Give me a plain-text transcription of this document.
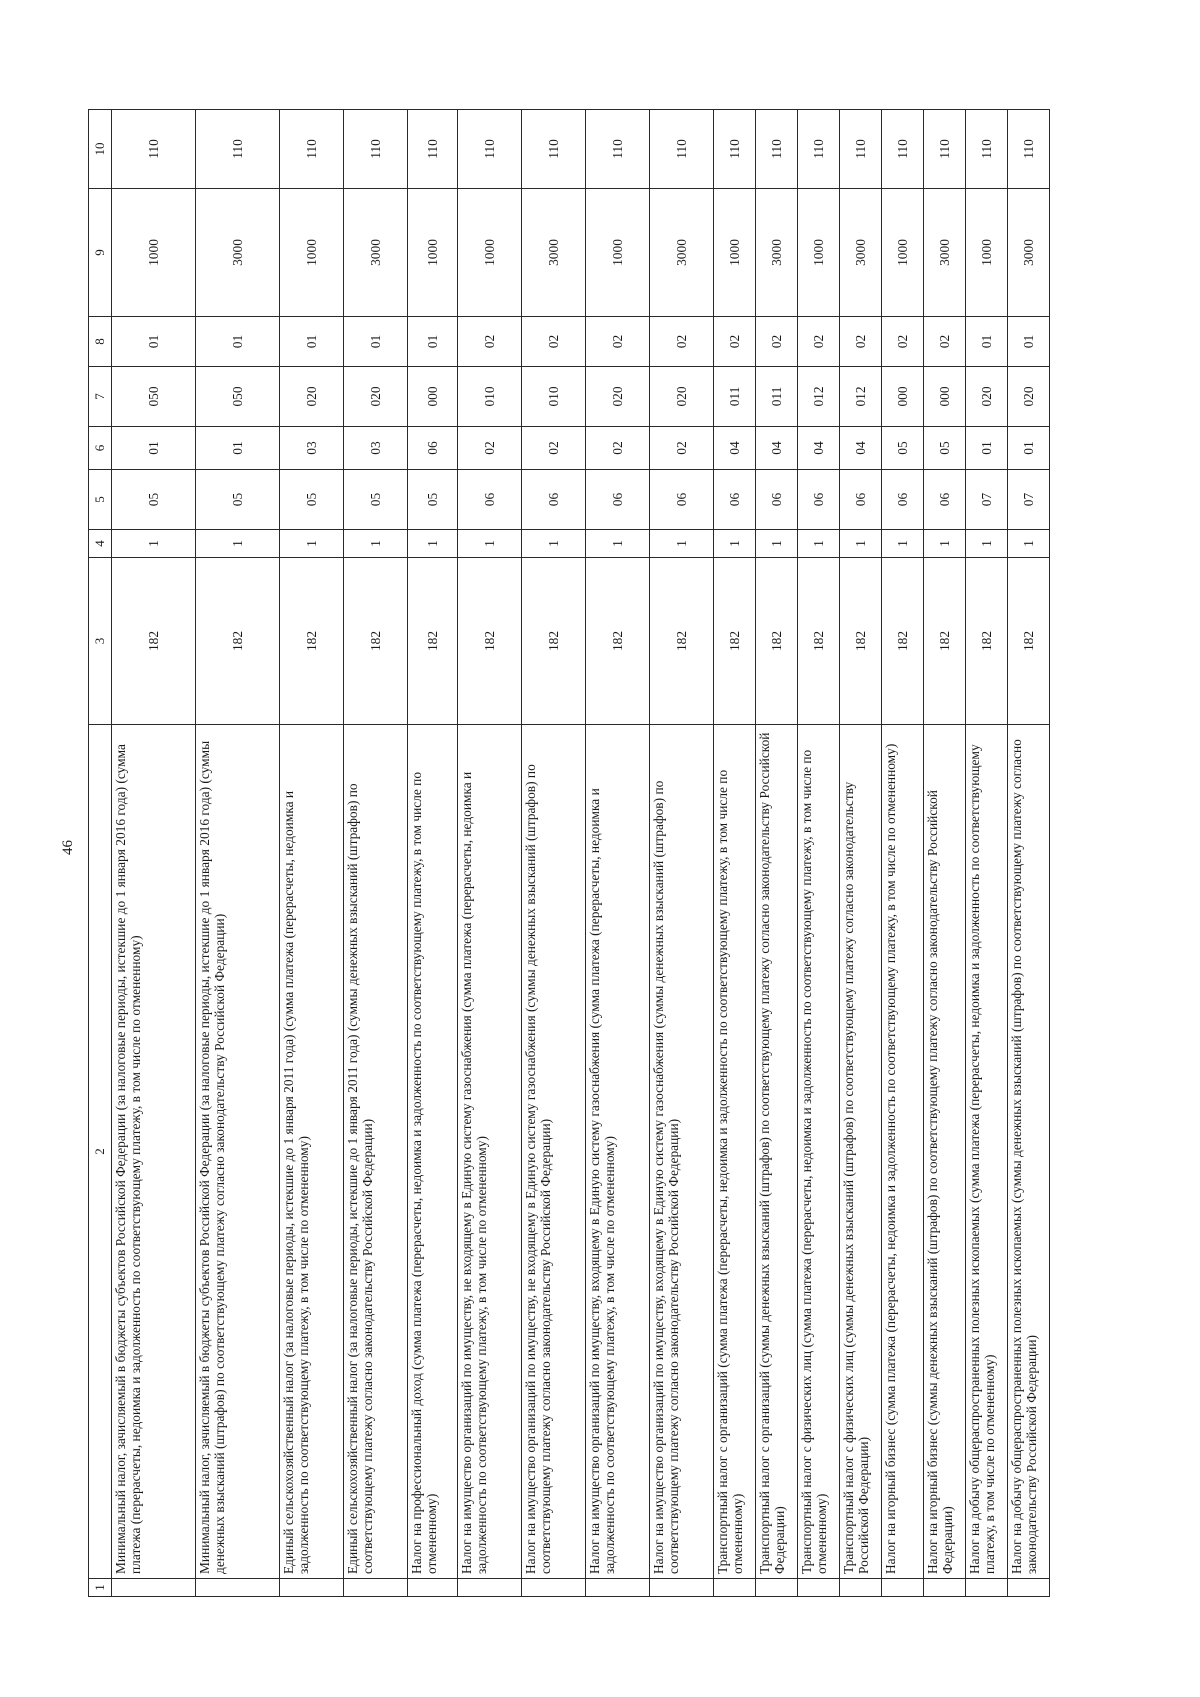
46
1	2	3	4	5	6	7	8	9	10
	Минимальный налог, зачисляемый в бюджеты субъектов Российской Федерации (за налоговые периоды, истекшие до 1 января 2016 года) (сумма платежа (перерасчеты, недоимка и задолженность по соответствующему платежу, в том числе по отмененному)	182	1	05	01	050	01	1000	110
	Минимальный налог, зачисляемый в бюджеты субъектов Российской Федерации (за налоговые периоды, истекшие до 1 января 2016 года) (суммы денежных взысканий (штрафов) по соответствующему платежу согласно законодательству Российской Федерации)	182	1	05	01	050	01	3000	110
	Единый сельскохозяйственный налог (за налоговые периоды, истекшие до 1 января 2011 года) (сумма платежа (перерасчеты, недоимка и задолженность по соответствующему платежу, в том числе по отмененному)	182	1	05	03	020	01	1000	110
	Единый сельскохозяйственный налог (за налоговые периоды, истекшие до 1 января 2011 года) (суммы денежных взысканий (штрафов) по соответствующему платежу согласно законодательству Российской Федерации)	182	1	05	03	020	01	3000	110
	Налог на профессиональный доход (сумма платежа (перерасчеты, недоимка и задолженность по соответствующему платежу, в том числе по отмененному)	182	1	05	06	000	01	1000	110
	Налог на имущество организаций по имуществу, не входящему в Единую систему газоснабжения (сумма платежа (перерасчеты, недоимка и задолженность по соответствующему платежу, в том числе по отмененному)	182	1	06	02	010	02	1000	110
	Налог на имущество организаций по имуществу, не входящему в Единую систему газоснабжения (суммы денежных взысканий (штрафов) по соответствующему платежу согласно законодательству Российской Федерации)	182	1	06	02	010	02	3000	110
	Налог на имущество организаций по имуществу, входящему в Единую систему газоснабжения (сумма платежа (перерасчеты, недоимка и задолженность по соответствующему платежу, в том числе по отмененному)	182	1	06	02	020	02	1000	110
	Налог на имущество организаций по имуществу, входящему в Единую систему газоснабжения (суммы денежных взысканий (штрафов) по соответствующему платежу согласно законодательству Российской Федерации)	182	1	06	02	020	02	3000	110
	Транспортный налог с организаций (сумма платежа (перерасчеты, недоимка и задолженность по соответствующему платежу, в том числе по отмененному)	182	1	06	04	011	02	1000	110
	Транспортный налог с организаций (суммы денежных взысканий (штрафов) по соответствующему платежу согласно законодательству Российской Федерации)	182	1	06	04	011	02	3000	110
	Транспортный налог с физических лиц (сумма платежа (перерасчеты, недоимка и задолженность по соответствующему платежу, в том числе по отмененному)	182	1	06	04	012	02	1000	110
	Транспортный налог с физических лиц (суммы денежных взысканий (штрафов) по соответствующему платежу согласно законодательству Российской Федерации)	182	1	06	04	012	02	3000	110
	Налог на игорный бизнес (сумма платежа (перерасчеты, недоимка и задолженность по соответствующему платежу, в том числе по отмененному)	182	1	06	05	000	02	1000	110
	Налог на игорный бизнес (суммы денежных взысканий (штрафов) по соответствующему платежу согласно законодательству Российской Федерации)	182	1	06	05	000	02	3000	110
	Налог на добычу общераспространенных полезных ископаемых (сумма платежа (перерасчеты, недоимка и задолженность по соответствующему платежу, в том числе по отмененному)	182	1	07	01	020	01	1000	110
	Налог на добычу общераспространенных полезных ископаемых (суммы денежных взысканий (штрафов) по соответствующему платежу согласно законодательству Российской Федерации)	182	1	07	01	020	01	3000	110
